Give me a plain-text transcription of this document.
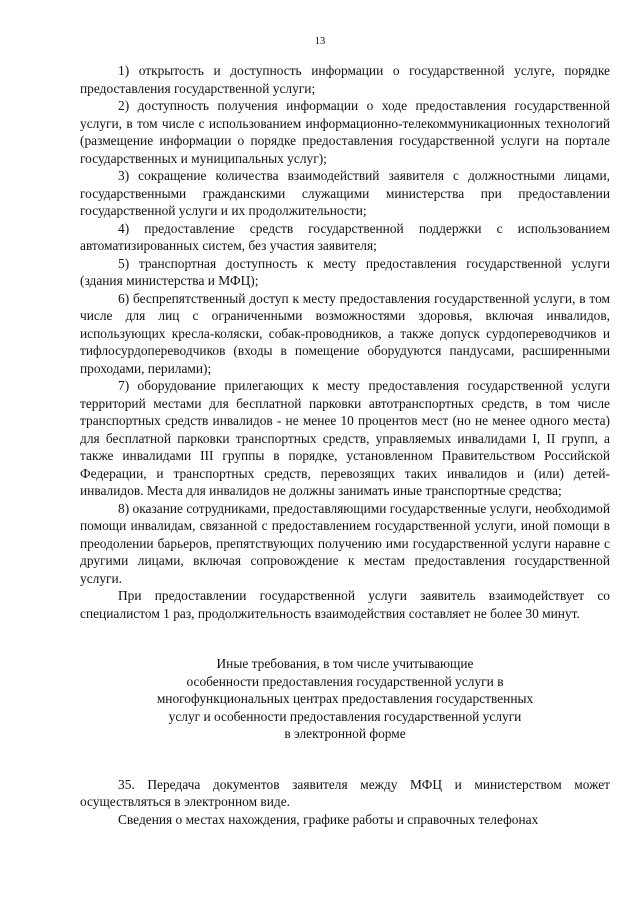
13

1) открытость и доступность информации о государственной услуге, порядке предоставления государственной услуги;

2) доступность получения информации о ходе предоставления государственной услуги, в том числе с использованием информационно-телекоммуникационных технологий (размещение информации о порядке предоставления государственной услуги на портале государственных и муниципальных услуг);

3) сокращение количества взаимодействий заявителя с должностными лицами, государственными гражданскими служащими министерства при предоставлении государственной услуги и их продолжительности;

4) предоставление средств государственной поддержки с использованием автоматизированных систем, без участия заявителя;

5) транспортная доступность к месту предоставления государственной услуги (здания министерства и МФЦ);

6) беспрепятственный доступ к месту предоставления государственной услуги, в том числе для лиц с ограниченными возможностями здоровья, включая инвалидов, использующих кресла-коляски, собак-проводников, а также допуск сурдопереводчиков и тифлосурдопереводчиков (входы в помещение оборудуются пандусами, расширенными проходами, перилами);

7) оборудование прилегающих к месту предоставления государственной услуги территорий местами для бесплатной парковки автотранспортных средств, в том числе транспортных средств инвалидов - не менее 10 процентов мест (но не менее одного места) для бесплатной парковки транспортных средств, управляемых инвалидами I, II групп, а также инвалидами III группы в порядке, установленном Правительством Российской Федерации, и транспортных средств, перевозящих таких инвалидов и (или) детей-инвалидов. Места для инвалидов не должны занимать иные транспортные средства;

8) оказание сотрудниками, предоставляющими государственные услуги, необходимой помощи инвалидам, связанной с предоставлением государственной услуги, иной помощи в преодолении барьеров, препятствующих получению ими государственной услуги наравне с другими лицами, включая сопровождение к местам предоставления государственной услуги.

При предоставлении государственной услуги заявитель взаимодействует со специалистом 1 раз, продолжительность взаимодействия составляет не более 30 минут.

Иные требования, в том числе учитывающие
особенности предоставления государственной услуги в
многофункциональных центрах предоставления государственных
услуг и особенности предоставления государственной услуги
в электронной форме

35. Передача документов заявителя между МФЦ и министерством может осуществляться в электронном виде.

Сведения о местах нахождения, графике работы и справочных телефонах
